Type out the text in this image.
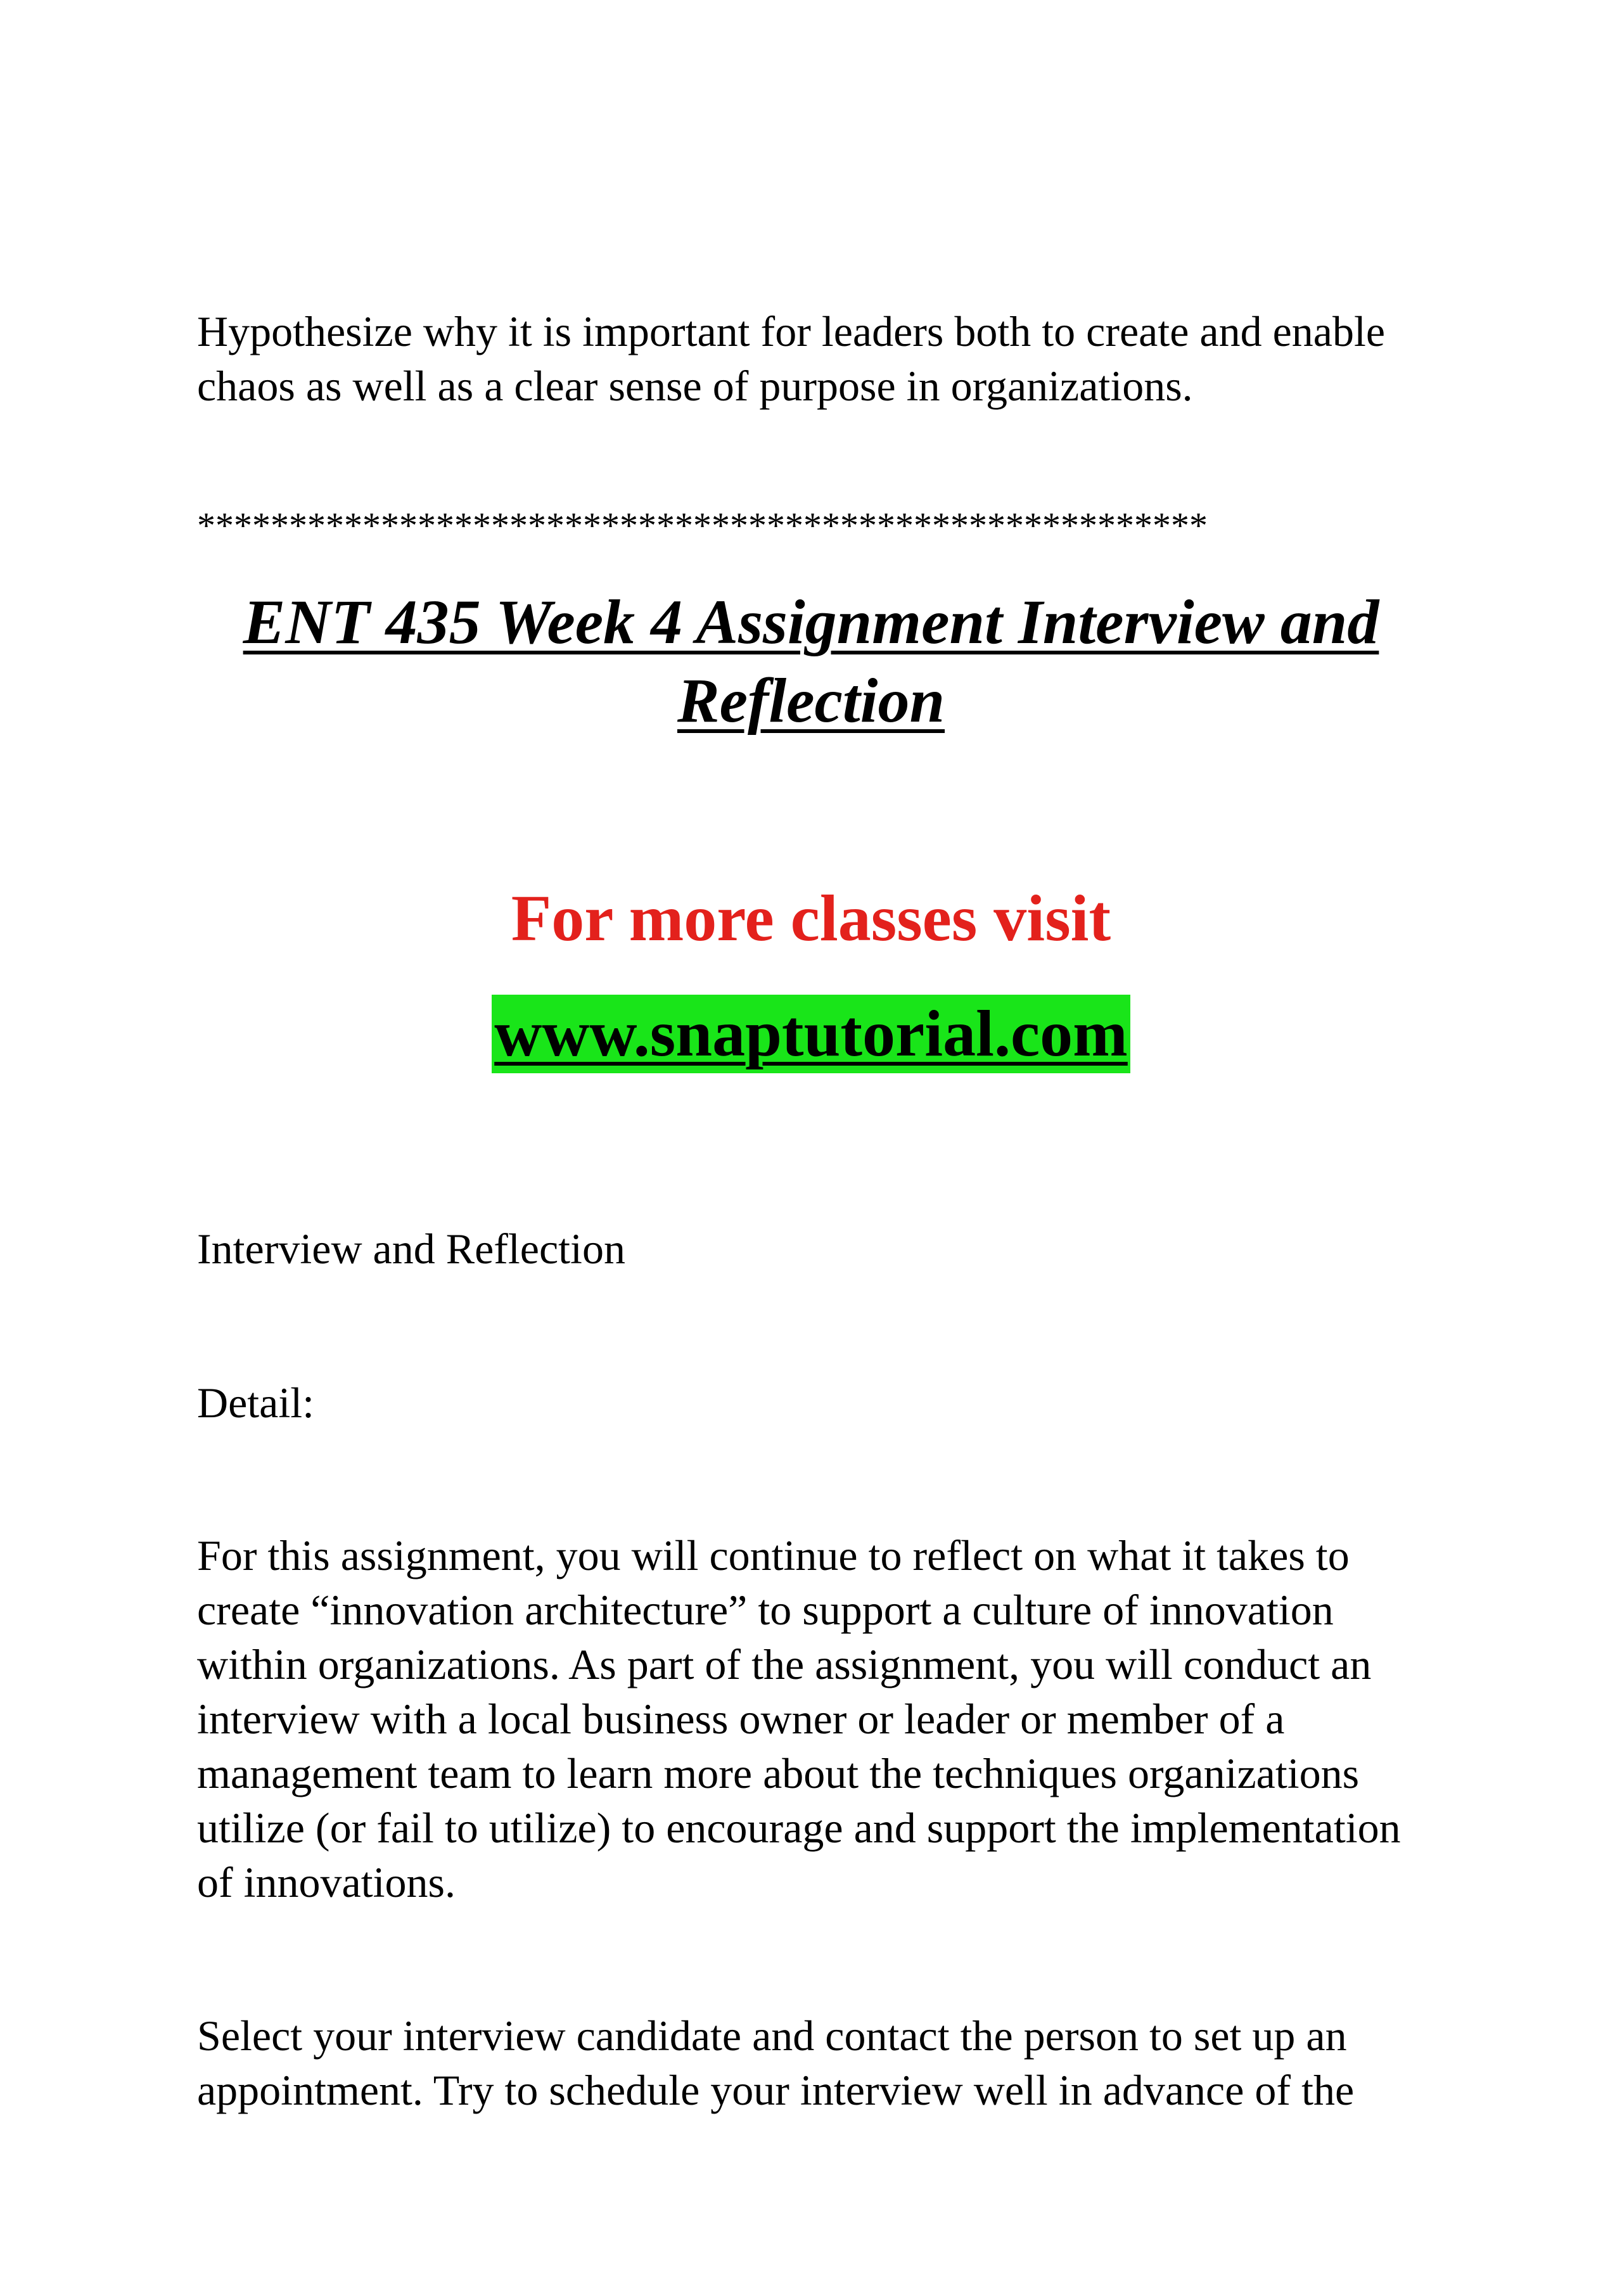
Hypothesize why it is important for leaders both to create and enable
chaos as well as a clear sense of purpose in organizations.

*******************************************************

ENT 435 Week 4 Assignment Interview and
Reflection

For more classes visit

www.snaptutorial.com

Interview and Reflection

Detail:

For this assignment, you will continue to reflect on what it takes to
create “innovation architecture” to support a culture of innovation
within organizations. As part of the assignment, you will conduct an
interview with a local business owner or leader or member of a
management team to learn more about the techniques organizations
utilize (or fail to utilize) to encourage and support the implementation
of innovations.

Select your interview candidate and contact the person to set up an
appointment. Try to schedule your interview well in advance of the
